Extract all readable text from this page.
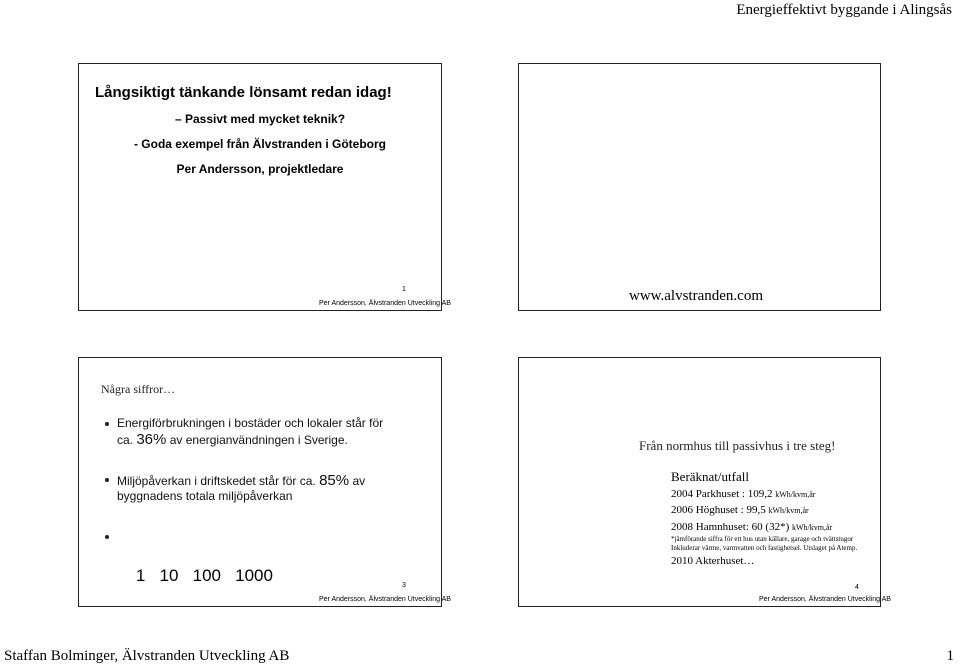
Energieffektivt byggande i Alingsås
Långsiktigt tänkande lönsamt redan idag!
– Passivt med mycket teknik?
- Goda exempel från Älvstranden i Göteborg
Per Andersson, projektledare
1
Per Andersson, Älvstranden Utveckling AB	www.alvstranden.com
Några siffror…
Energiförbrukningen i bostäder och lokaler står för
ca. 36% av energianvändningen i Sverige.
Miljöpåverkan i driftskedet står för ca. 85% av
byggnadens totala miljöpåverkan

1   10   100   1000

3
Per Andersson, Älvstranden Utveckling AB
Från normhus till passivhus i tre steg!
Beräknat/utfall
2004 Parkhuset : 109,2 kWh/kvm,år
2006 Höghuset : 99,5 kWh/kvm,år
2008 Hamnhuset: 60 (32*) kWh/kvm,år
*jämförande siffra för ett hus utan källare, garage och tvättstugor
Inkluderar värme, varmvatten och fastighetsel. Utslaget på Atemp.
2010 Akterhuset…
4
Per Andersson, Älvstranden Utveckling AB
Staffan Bolminger, Älvstranden Utveckling AB	1
